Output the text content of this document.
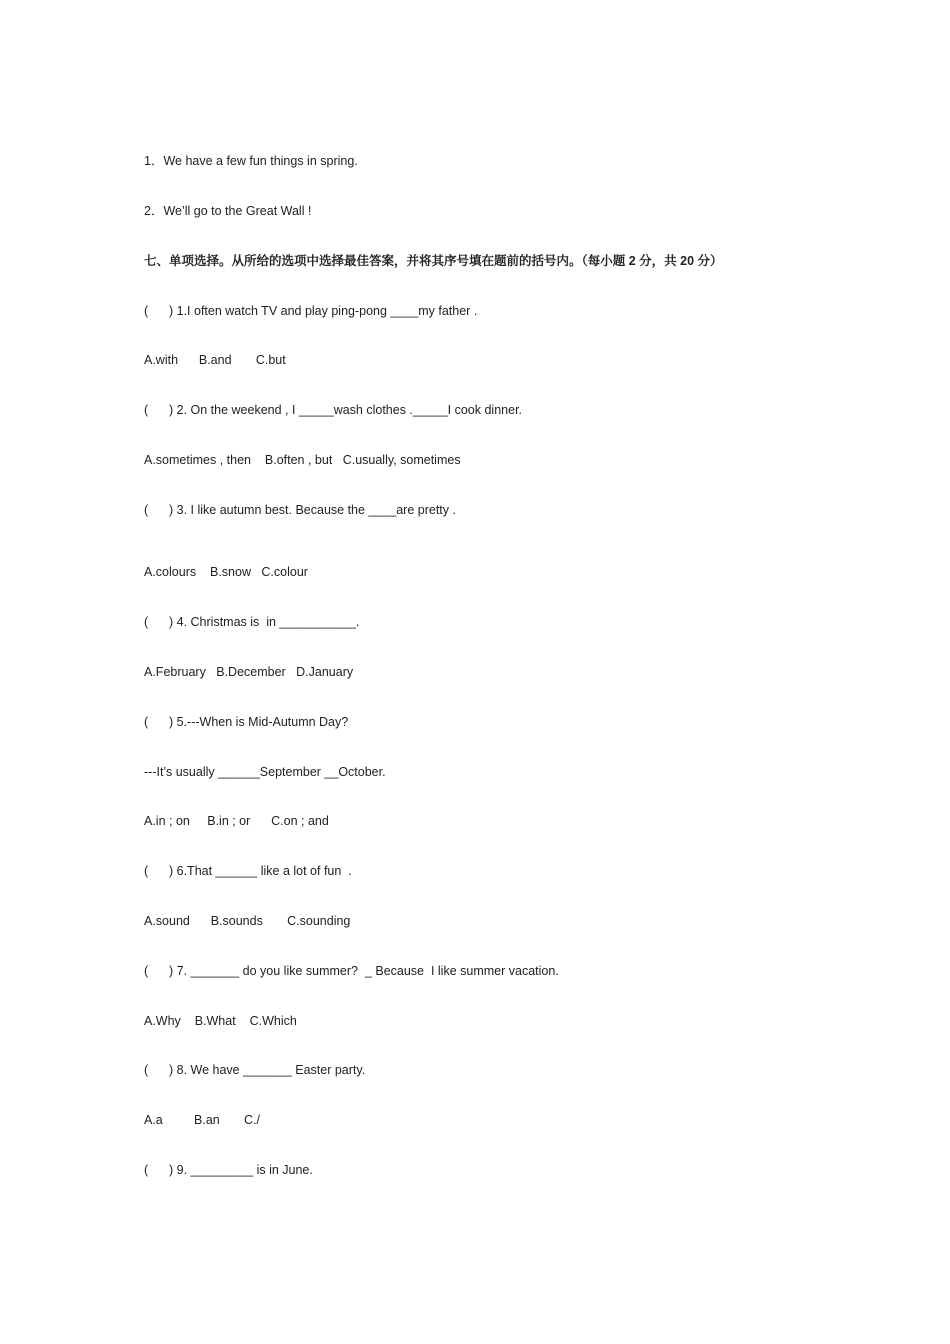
1．We have a few fun things in spring.
2．We’ll go to the Great Wall !
七、单项选择。从所给的选项中选择最佳答案，并将其序号填在题前的括号内。（每小题 2 分，共 20 分）
(      ) 1.I often watch TV and play ping-pong ____my father .
A.with      B.and       C.but
(      ) 2. On the weekend , I _____wash clothes ._____I cook dinner.
A.sometimes , then    B.often , but   C.usually, sometimes
(      ) 3. I like autumn best. Because the ____are pretty .
A.colours    B.snow   C.colour
(      ) 4. Christmas is  in ___________.
A.February   B.December   D.January
(      ) 5.---When is Mid-Autumn Day?
---It’s usually ______September __October.
A.in ; on     B.in ; or      C.on ; and
(      ) 6.That ______ like a lot of fun  .
A.sound      B.sounds       C.sounding
(      ) 7. _______ do you like summer?  _ Because  I like summer vacation.
A.Why    B.What    C.Which
(      ) 8. We have _______ Easter party.
A.a         B.an       C./
(      ) 9. _________ is in June.
